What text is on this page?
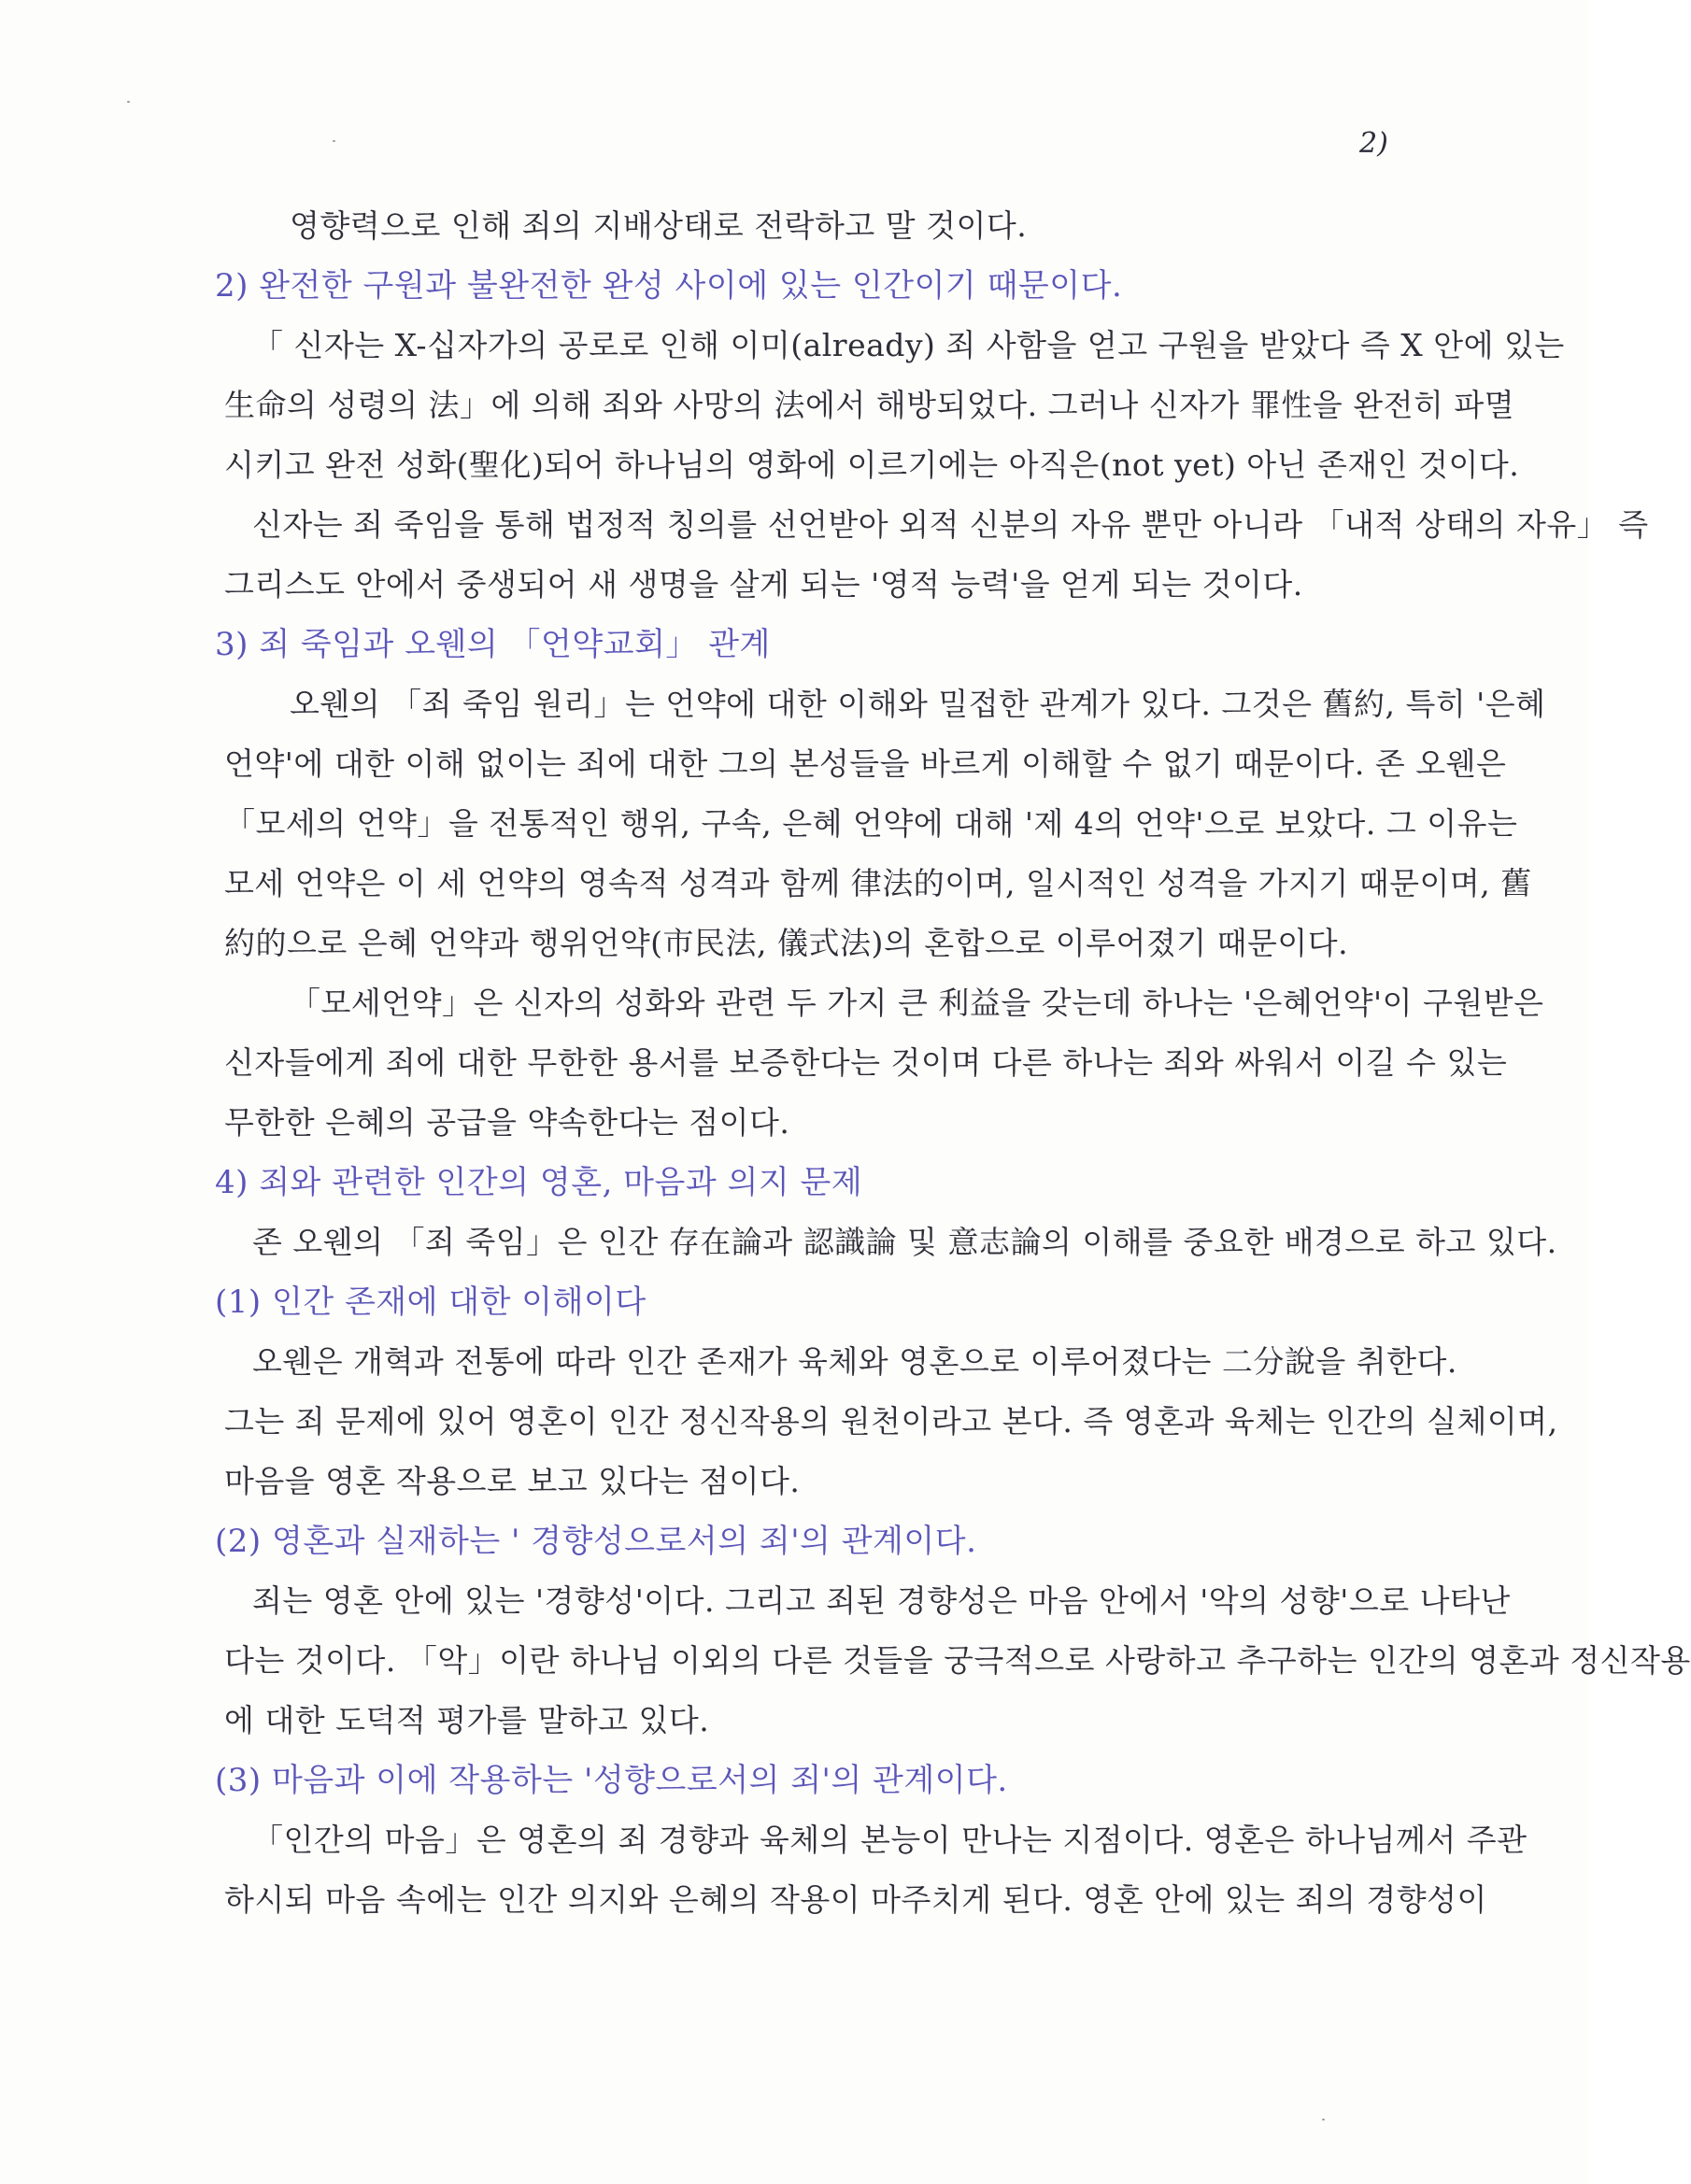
2)
영향력으로 인해 죄의 지배상태로 전락하고 말 것이다.
2) 완전한 구원과 불완전한 완성 사이에 있는 인간이기 때문이다.
「 신자는 X-십자가의 공로로 인해 이미(already) 죄 사함을 얻고 구원을 받았다 즉 X 안에 있는
生命의 성령의 法」에 의해 죄와 사망의 法에서 해방되었다. 그러나 신자가 罪性을 완전히 파멸
시키고 완전 성화(聖化)되어 하나님의 영화에 이르기에는 아직은(not yet) 아닌 존재인 것이다.
신자는 죄 죽임을 통해 법정적 칭의를 선언받아 외적 신분의 자유 뿐만 아니라 「내적 상태의 자유」 즉
그리스도 안에서 중생되어 새 생명을 살게 되는 '영적 능력'을 얻게 되는 것이다.
3) 죄 죽임과 오웬의 「언약교회」 관계
오웬의 「죄 죽임 원리」는 언약에 대한 이해와 밀접한 관계가 있다. 그것은 舊約, 특히 '은혜
언약'에 대한 이해 없이는 죄에 대한 그의 본성들을 바르게 이해할 수 없기 때문이다. 존 오웬은
「모세의 언약」을 전통적인 행위, 구속, 은혜 언약에 대해 '제 4의 언약'으로 보았다. 그 이유는
모세 언약은 이 세 언약의 영속적 성격과 함께 律法的이며, 일시적인 성격을 가지기 때문이며, 舊
約的으로 은혜 언약과 행위언약(市民法, 儀式法)의 혼합으로 이루어졌기 때문이다.
「모세언약」은 신자의 성화와 관련 두 가지 큰 利益을 갖는데 하나는 '은혜언약'이 구원받은
신자들에게 죄에 대한 무한한 용서를 보증한다는 것이며 다른 하나는 죄와 싸워서 이길 수 있는
무한한 은혜의 공급을 약속한다는 점이다.
4) 죄와 관련한 인간의 영혼, 마음과 의지 문제
존 오웬의 「죄 죽임」은 인간 存在論과 認識論 및 意志論의 이해를 중요한 배경으로 하고 있다.
(1) 인간 존재에 대한 이해이다
오웬은 개혁과 전통에 따라 인간 존재가 육체와 영혼으로 이루어졌다는 二分說을 취한다.
그는 죄 문제에 있어 영혼이 인간 정신작용의 원천이라고 본다. 즉 영혼과 육체는 인간의 실체이며,
마음을 영혼 작용으로 보고 있다는 점이다.
(2) 영혼과 실재하는 ' 경향성으로서의 죄'의 관계이다.
죄는 영혼 안에 있는 '경향성'이다. 그리고 죄된 경향성은 마음 안에서 '악의 성향'으로 나타난
다는 것이다. 「악」이란 하나님 이외의 다른 것들을 궁극적으로 사랑하고 추구하는 인간의 영혼과 정신작용
에 대한 도덕적 평가를 말하고 있다.
(3) 마음과 이에 작용하는 '성향으로서의 죄'의 관계이다.
「인간의 마음」은 영혼의 죄 경향과 육체의 본능이 만나는 지점이다. 영혼은 하나님께서 주관
하시되 마음 속에는 인간 의지와 은혜의 작용이 마주치게 된다. 영혼 안에 있는 죄의 경향성이
